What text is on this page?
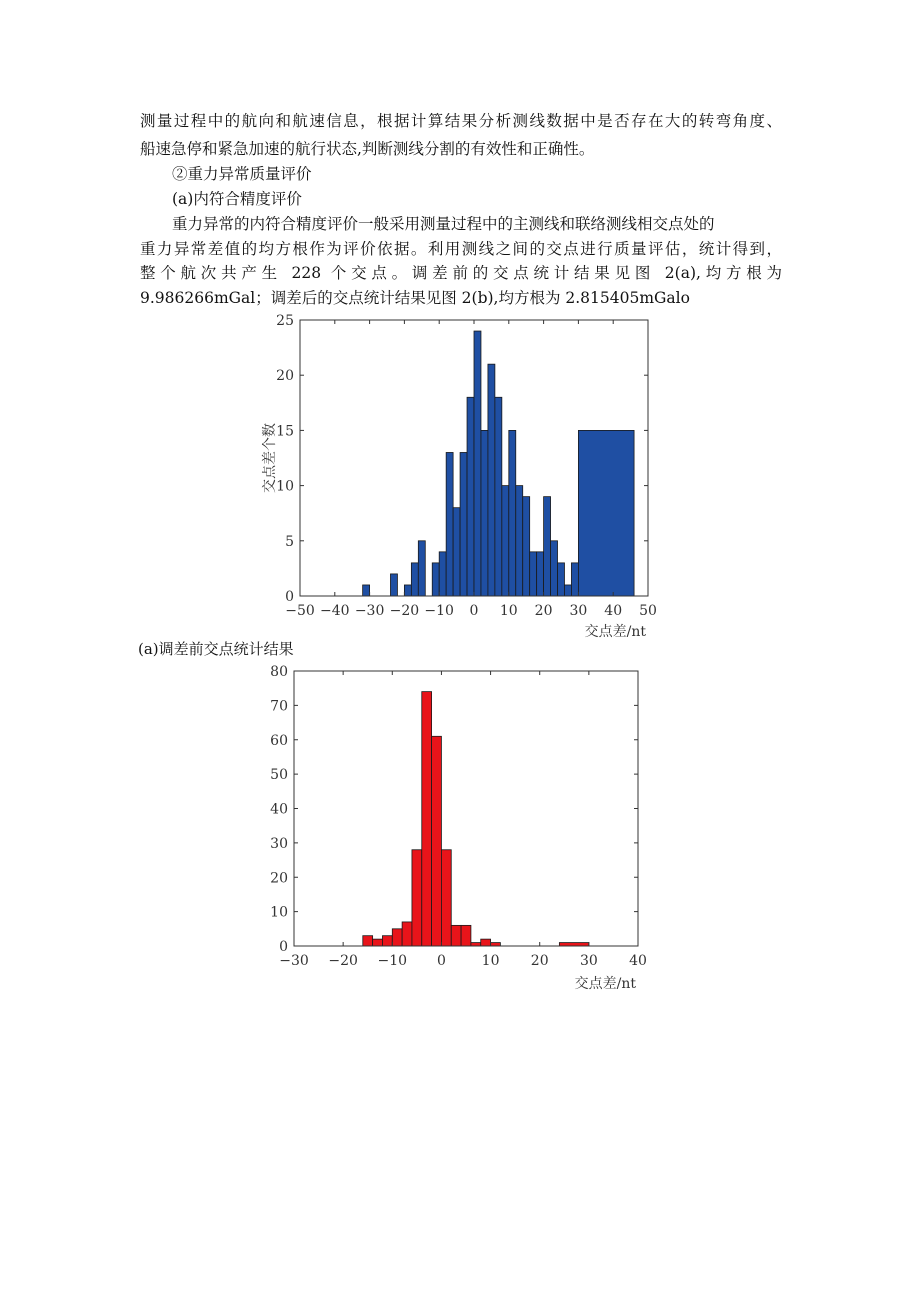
测量过程中的航向和航速信息，根据计算结果分析测线数据中是否存在大的转弯角度、
船速急停和紧急加速的航行状态,判断测线分割的有效性和正确性。
②重力异常质量评价
(a)内符合精度评价
重力异常的内符合精度评价一般采用测量过程中的主测线和联络测线相交点处的
重力异常差值的均方根作为评价依据。利用测线之间的交点进行质量评估，统计得到，
整个航次共产生 228 个交点。调差前的交点统计结果见图 2(a),均方根为
9.986266mGal；调差后的交点统计结果见图 2(b),均方根为 2.815405mGalo
−50 −40 −30 −20 −10 0 10 20 30 40 50
0
5
10
15
20
25
交点差/nt
交点差个数
(a)调差前交点统计结果
−30 −20 −10 0	10 20 30 40
0
10
20
30
40
50
60
70
80
交点差/nt
